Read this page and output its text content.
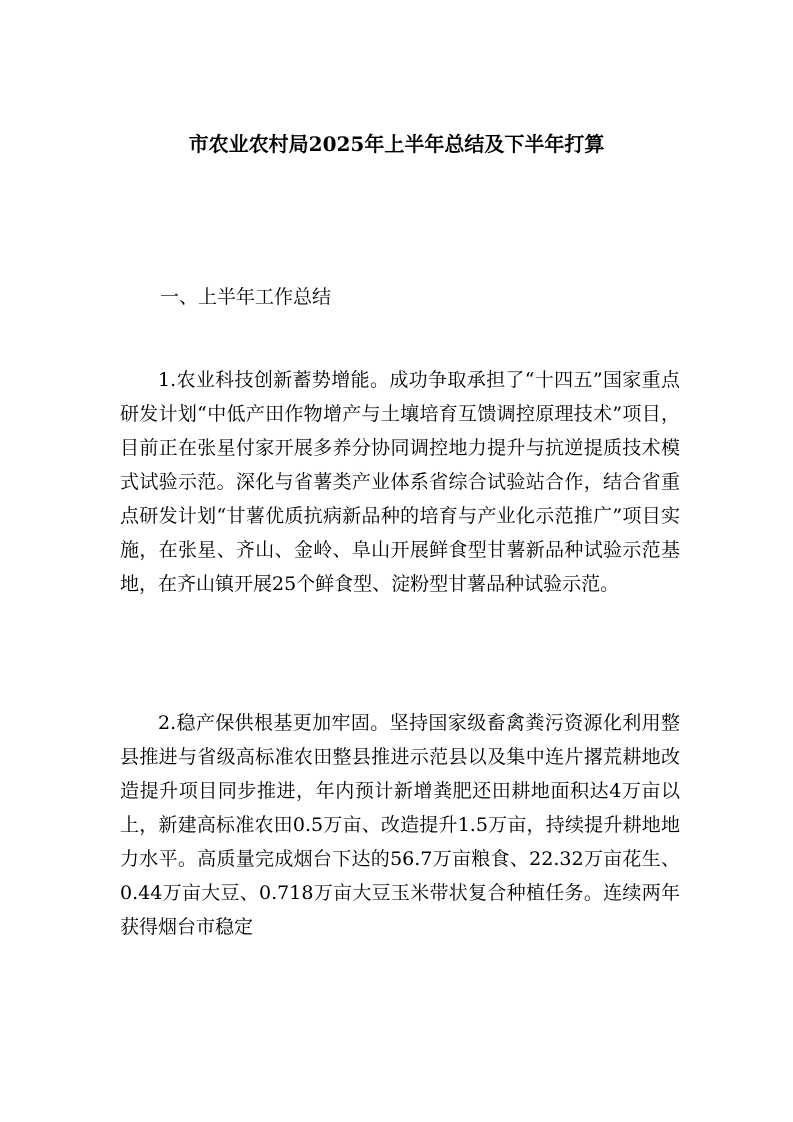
市农业农村局2025年上半年总结及下半年打算
一、上半年工作总结

1.农业科技创新蓄势增能。成功争取承担了“十四五”国家重点研发计划“中低产田作物增产与土壤培育互馈调控原理技术”项目，目前正在张星付家开展多养分协同调控地力提升与抗逆提质技术模式试验示范。深化与省薯类产业体系省综合试验站合作，结合省重点研发计划“甘薯优质抗病新品种的培育与产业化示范推广”项目实施，在张星、齐山、金岭、阜山开展鲜食型甘薯新品种试验示范基地，在齐山镇开展25个鲜食型、淀粉型甘薯品种试验示范。

2.稳产保供根基更加牢固。坚持国家级畜禽粪污资源化利用整县推进与省级高标准农田整县推进示范县以及集中连片撂荒耕地改造提升项目同步推进，年内预计新增粪肥还田耕地面积达4万亩以上，新建高标准农田0.5万亩、改造提升1.5万亩，持续提升耕地地力水平。高质量完成烟台下达的56.7万亩粮食、22.32万亩花生、0.44万亩大豆、0.718万亩大豆玉米带状复合种植任务。连续两年获得烟台市稳定
